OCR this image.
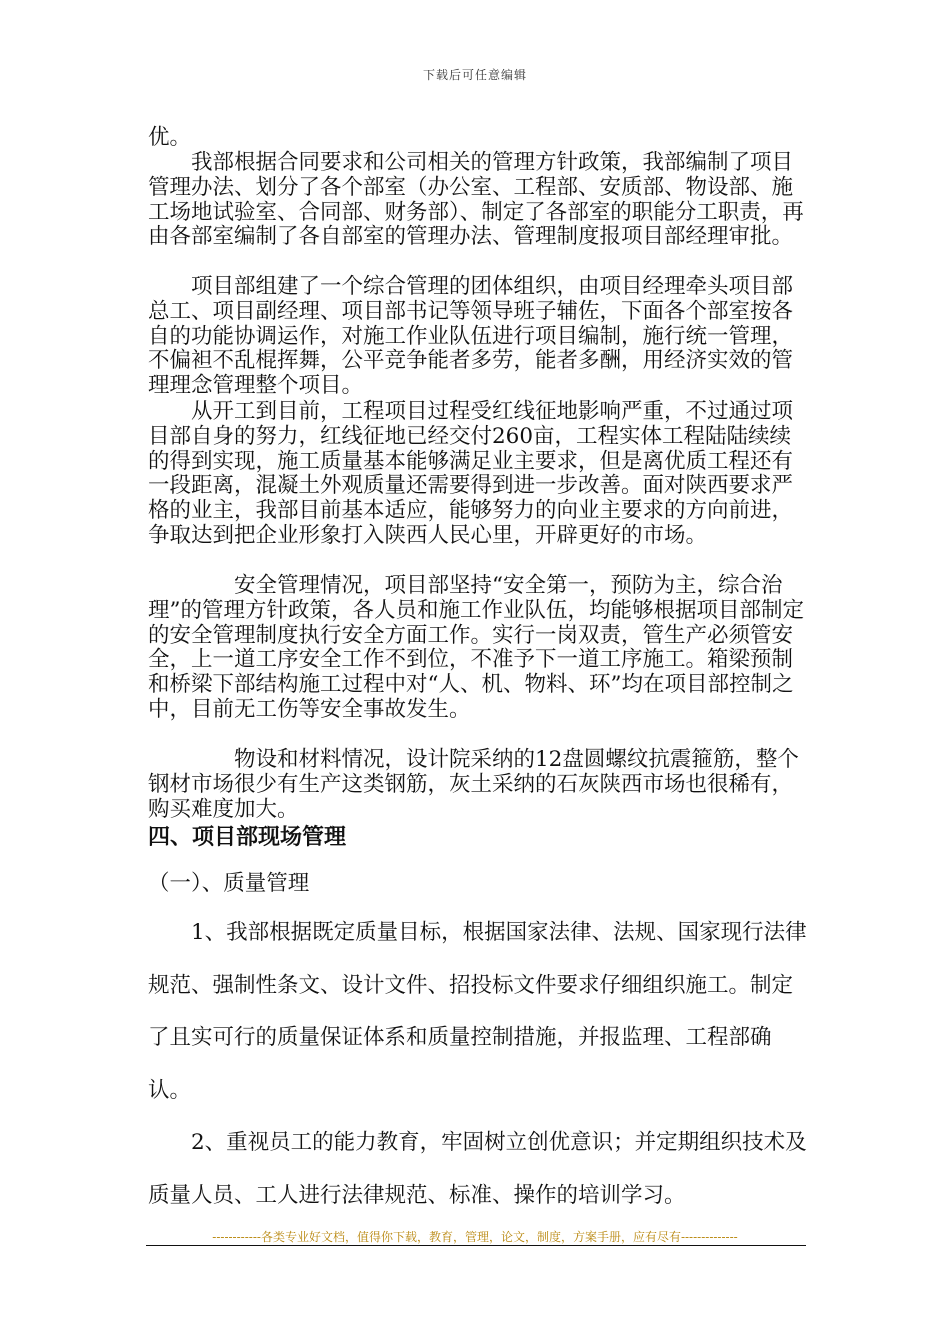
下载后可任意编辑

优。

我部根据合同要求和公司相关的管理方针政策，我部编制了项目管理办法、划分了各个部室（办公室、工程部、安质部、物设部、施工场地试验室、合同部、财务部）、制定了各部室的职能分工职责，再由各部室编制了各自部室的管理办法、管理制度报项目部经理审批。

项目部组建了一个综合管理的团体组织，由项目经理牵头项目部总工、项目副经理、项目部书记等领导班子辅佐，下面各个部室按各自的功能协调运作，对施工作业队伍进行项目编制，施行统一管理，不偏袒不乱棍挥舞，公平竞争能者多劳，能者多酬，用经济实效的管理理念管理整个项目。

从开工到目前，工程项目过程受红线征地影响严重，不过通过项目部自身的努力，红线征地已经交付260亩，工程实体工程陆陆续续的得到实现，施工质量基本能够满足业主要求，但是离优质工程还有一段距离，混凝土外观质量还需要得到进一步改善。面对陕西要求严格的业主，我部目前基本适应，能够努力的向业主要求的方向前进，争取达到把企业形象打入陕西人民心里，开辟更好的市场。

安全管理情况，项目部坚持“安全第一，预防为主，综合治理”的管理方针政策，各人员和施工作业队伍，均能够根据项目部制定的安全管理制度执行安全方面工作。实行一岗双责，管生产必须管安全，上一道工序安全工作不到位，不准予下一道工序施工。箱梁预制和桥梁下部结构施工过程中对“人、机、物料、环”均在项目部控制之中，目前无工伤等安全事故发生。

物设和材料情况，设计院采纳的12盘圆螺纹抗震箍筋，整个钢材市场很少有生产这类钢筋，灰土采纳的石灰陕西市场也很稀有，购买难度加大。

四、项目部现场管理

（一）、质量管理

1、我部根据既定质量目标，根据国家法律、法规、国家现行法律规范、强制性条文、设计文件、招投标文件要求仔细组织施工。制定了且实可行的质量保证体系和质量控制措施，并报监理、工程部确认。

2、重视员工的能力教育，牢固树立创优意识；并定期组织技术及质量人员、工人进行法律规范、标准、操作的培训学习。

------------各类专业好文档，值得你下载，教育，管理，论文，制度，方案手册，应有尽有--------------
